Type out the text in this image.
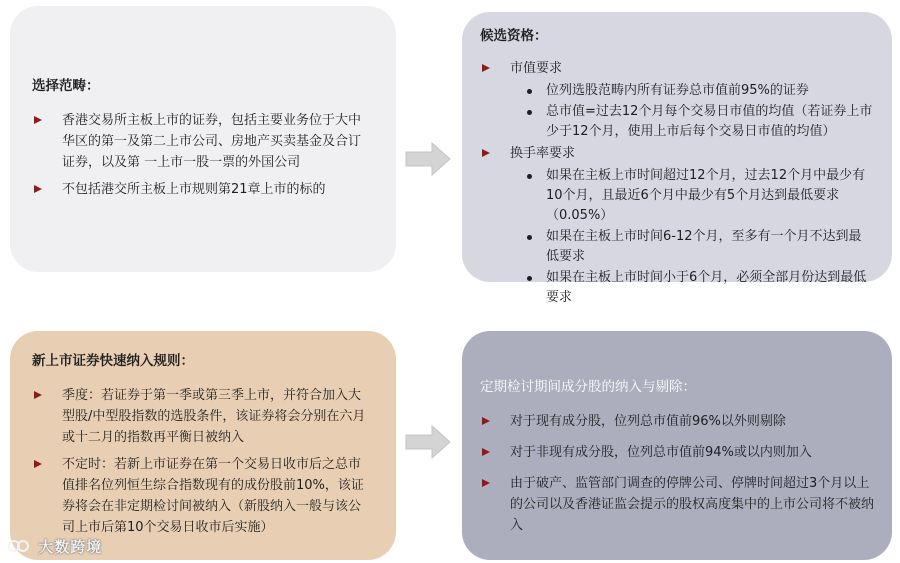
选择范畴：
香港交易所主板上市的证券，包括主要业务位于大中华区的第一及第二上市公司、房地产买卖基金及合订证券，以及第 一上市一股一票的外国公司
不包括港交所主板上市规则第21章上市的标的
候选资格：
市值要求
位列选股范畴内所有证券总市值前95%的证券
总市值=过去12个月每个交易日市值的均值（若证券上市少于12个月，使用上市后每个交易日市值的均值）
换手率要求
如果在主板上市时间超过12个月，过去12个月中最少有10个月，且最近6个月中最少有5个月达到最低要求（0.05%）
如果在主板上市时间6-12个月，至多有一个月不达到最低要求
如果在主板上市时间小于6个月，必须全部月份达到最低要求
新上市证券快速纳入规则：
季度：若证券于第一季或第三季上市，并符合加入大型股/中型股指数的选股条件，该证券将会分别在六月或十二月的指数再平衡日被纳入
不定时：若新上市证券在第一个交易日收市后之总市值排名位列恒生综合指数现有的成份股前10%，该证券将会在非定期检讨间被纳入（新股纳入一般与该公司上市后第10个交易日收市后实施）
定期检讨期间成分股的纳入与剔除：
对于现有成分股，位列总市值前96%以外则剔除
对于非现有成分股，位列总市值前94%或以内则加入
由于破产、监管部门调查的停牌公司、停牌时间超过3个月以上的公司以及香港证监会提示的股权高度集中的上市公司将不被纳入
大数跨境
